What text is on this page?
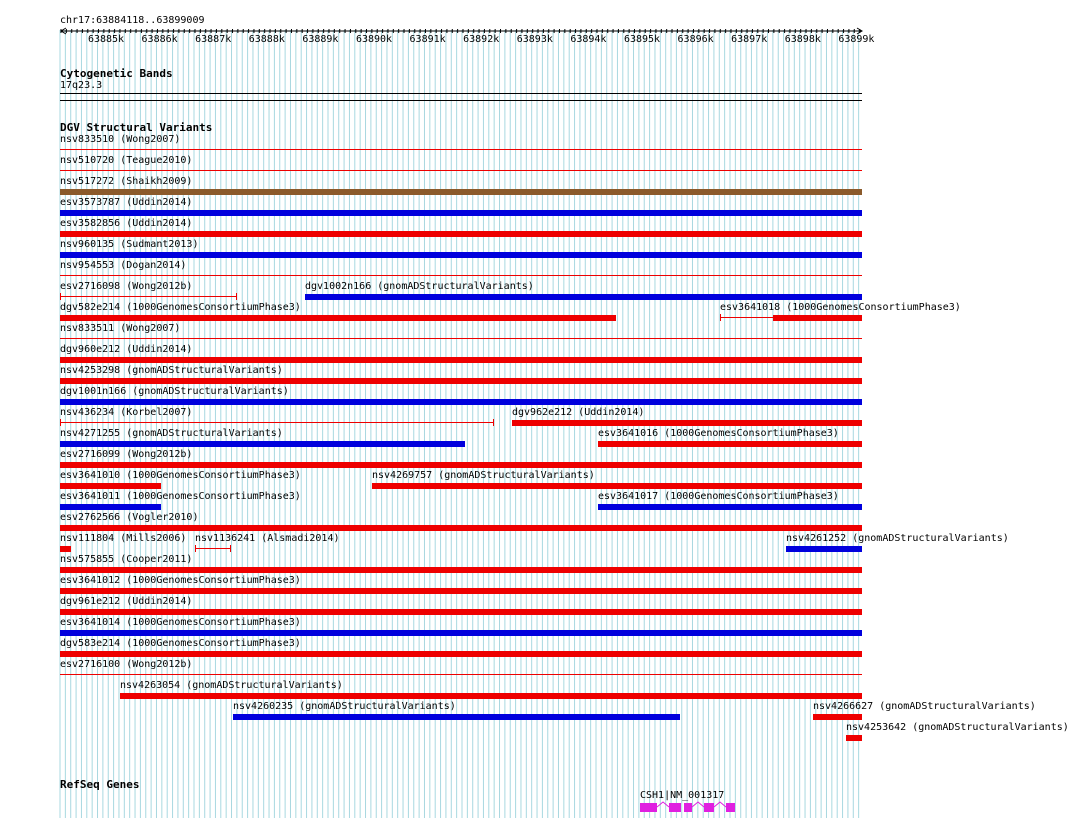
chr17:63884118..63899009
63885k	63886k	63887k	63888k	63889k	63890k	63891k	63892k	63893k	63894k	63895k	63896k	63897k	63898k	63899k
Cytogenetic Bands
17q23.3
DGV Structural Variants
nsv833510 (Wong2007)
nsv510720 (Teague2010)
nsv517272 (Shaikh2009)
esv3573787 (Uddin2014)
esv3582856 (Uddin2014)
nsv960135 (Sudmant2013)
nsv954553 (Dogan2014)
esv2716098 (Wong2012b)	dgv1002n166 (gnomADStructuralVariants)
dgv582e214 (1000GenomesConsortiumPhase3)	esv3641018 (1000GenomesConsortiumPhase3)
nsv833511 (Wong2007)
dgv960e212 (Uddin2014)
nsv4253298 (gnomADStructuralVariants)
dgv1001n166 (gnomADStructuralVariants)
nsv436234 (Korbel2007)	dgv962e212 (Uddin2014)
nsv4271255 (gnomADStructuralVariants)	esv3641016 (1000GenomesConsortiumPhase3)
esv2716099 (Wong2012b)
esv3641010 (1000GenomesConsortiumPhase3)	nsv4269757 (gnomADStructuralVariants)
esv3641011 (1000GenomesConsortiumPhase3)	esv3641017 (1000GenomesConsortiumPhase3)
esv2762566 (Vogler2010)
nsv111804 (Mills2006) nsv1136241 (Alsmadi2014)	nsv4261252 (gnomADStructuralVariants)
nsv575855 (Cooper2011)
esv3641012 (1000GenomesConsortiumPhase3)
dgv961e212 (Uddin2014)
esv3641014 (1000GenomesConsortiumPhase3)
dgv583e214 (1000GenomesConsortiumPhase3)
esv2716100 (Wong2012b)
nsv4263054 (gnomADStructuralVariants)
nsv4260235 (gnomADStructuralVariants)	nsv4266627 (gnomADStructuralVariants)
nsv4253642 (gnomADStructuralVariants)
RefSeq Genes
CSH1|NM_001317
